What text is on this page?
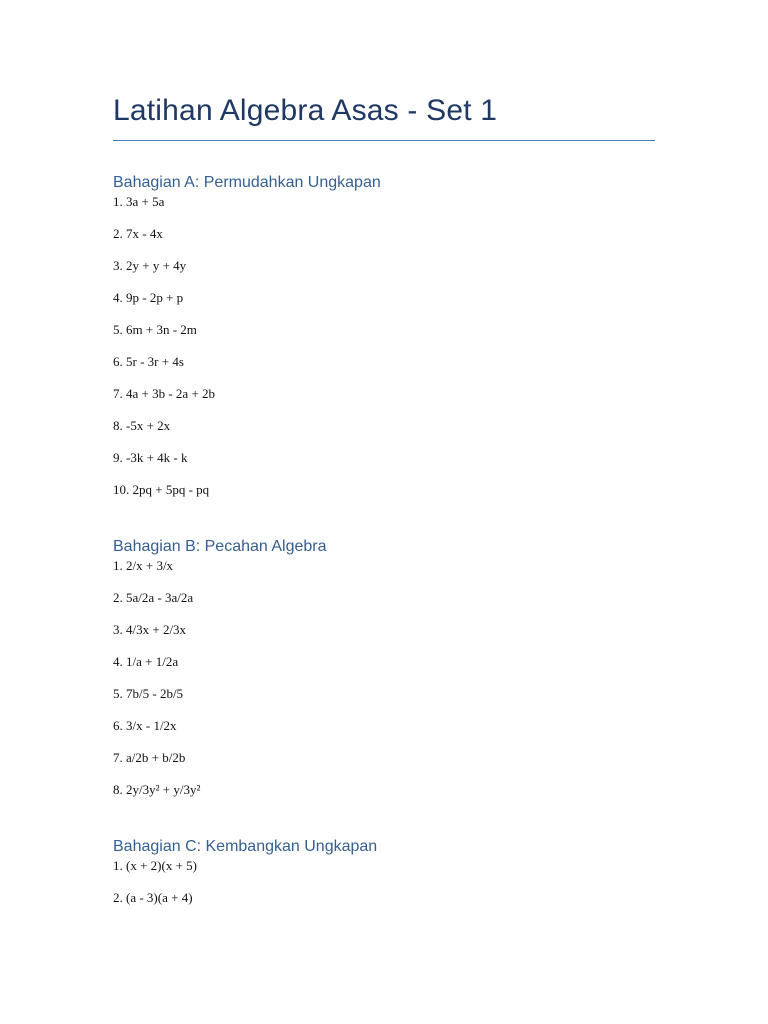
Latihan Algebra Asas - Set 1
Bahagian A: Permudahkan Ungkapan
1. 3a + 5a
2. 7x - 4x
3. 2y + y + 4y
4. 9p - 2p + p
5. 6m + 3n - 2m
6. 5r - 3r + 4s
7. 4a + 3b - 2a + 2b
8. -5x + 2x
9. -3k + 4k - k
10. 2pq + 5pq - pq
Bahagian B: Pecahan Algebra
1. 2/x + 3/x
2. 5a/2a - 3a/2a
3. 4/3x + 2/3x
4. 1/a + 1/2a
5. 7b/5 - 2b/5
6. 3/x - 1/2x
7. a/2b + b/2b
8. 2y/3y² + y/3y²
Bahagian C: Kembangkan Ungkapan
1. (x + 2)(x + 5)
2. (a - 3)(a + 4)
